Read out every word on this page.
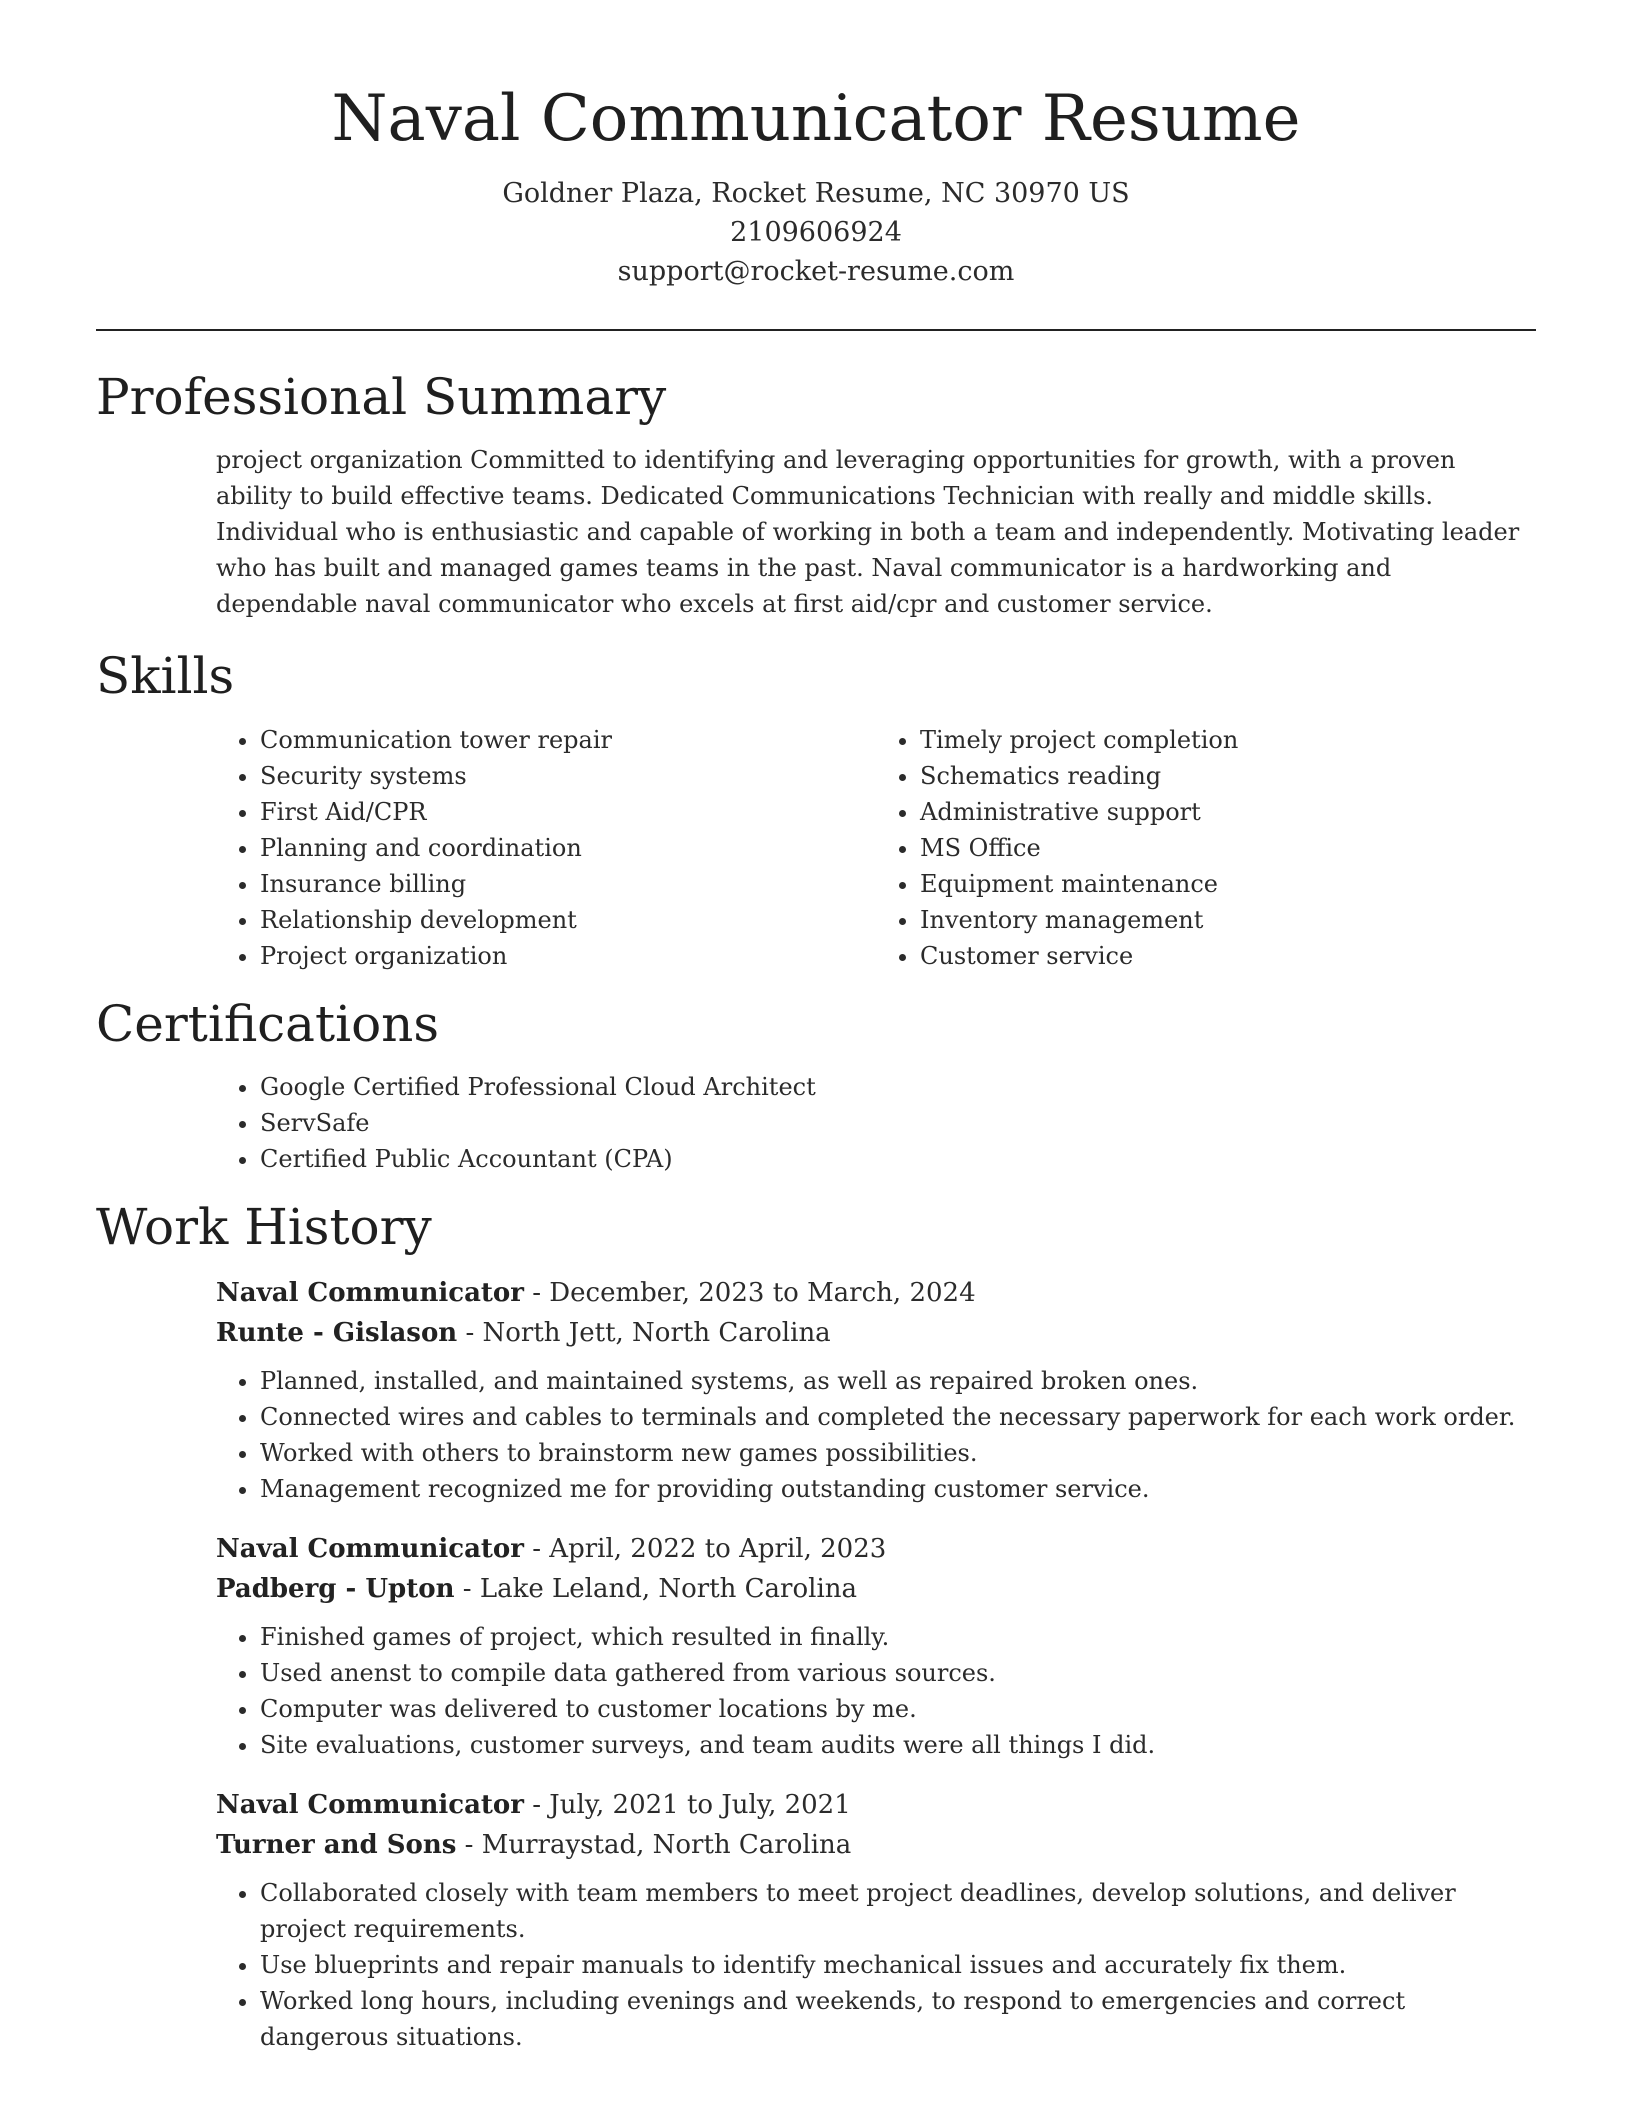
Naval Communicator Resume
Goldner Plaza, Rocket Resume, NC 30970 US
2109606924
support@rocket-resume.com
Professional Summary

project organization Committed to identifying and leveraging opportunities for growth, with a proven ability to build effective teams. Dedicated Communications Technician with really and middle skills. Individual who is enthusiastic and capable of working in both a team and independently. Motivating leader who has built and managed games teams in the past. Naval communicator is a hardworking and dependable naval communicator who excels at first aid/cpr and customer service.

Skills
• Communication tower repair
• Security systems
• First Aid/CPR
• Planning and coordination
• Insurance billing
• Relationship development
• Project organization
• Timely project completion
• Schematics reading
• Administrative support
• MS Office
• Equipment maintenance
• Inventory management
• Customer service
Certifications
• Google Certified Professional Cloud Architect
• ServSafe
• Certified Public Accountant (CPA)
Work History
Naval Communicator - December, 2023 to March, 2024
Runte - Gislason - North Jett, North Carolina
• Planned, installed, and maintained systems, as well as repaired broken ones.
• Connected wires and cables to terminals and completed the necessary paperwork for each work order.
• Worked with others to brainstorm new games possibilities.
• Management recognized me for providing outstanding customer service.
Naval Communicator - April, 2022 to April, 2023
Padberg - Upton - Lake Leland, North Carolina
• Finished games of project, which resulted in finally.
• Used anenst to compile data gathered from various sources.
• Computer was delivered to customer locations by me.
• Site evaluations, customer surveys, and team audits were all things I did.
Naval Communicator - July, 2021 to July, 2021
Turner and Sons - Murraystad, North Carolina
• Collaborated closely with team members to meet project deadlines, develop solutions, and deliver project requirements.
• Use blueprints and repair manuals to identify mechanical issues and accurately fix them.
• Worked long hours, including evenings and weekends, to respond to emergencies and correct dangerous situations.
